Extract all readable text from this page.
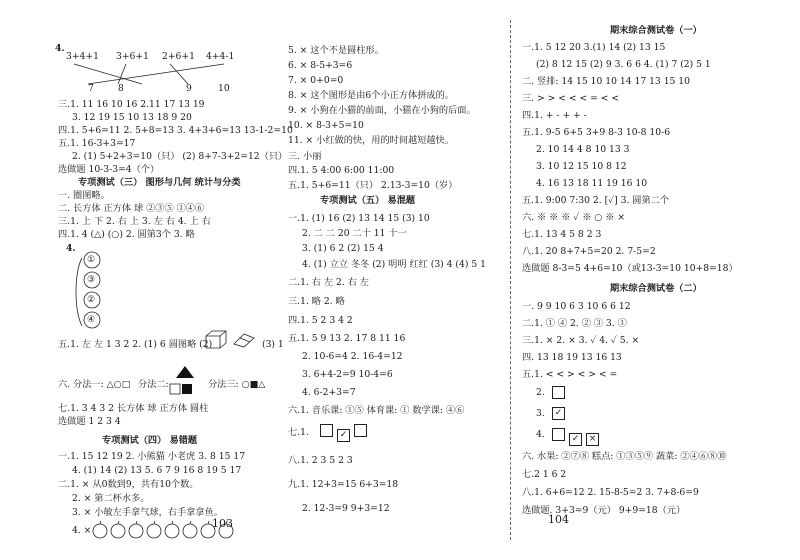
4.
3+4+1 3+6+1 2+6+1 4+4-1
7	8	9	10
三.1. 11 16 10 16 2.11 17 13 19
3. 12 19 15 10 13 18 9 20
四.1. 5+6=11 2. 5+8=13 3. 4+3+6=13 13-1-2=10
五.1. 16-3+3=17
2. (1) 5+2+3=10（只） (2) 8+7-3+2=12（只）
选做题 10-3-3=4（个）
专项测试（三） 图形与几何 统计与分类
一. 圈图略。
二. 长方体 正方体 球 ②③⑤ ①④⑥
三.1. 上 下 2. 右 上 3. 左 右 4. 上 右
四.1. 4 (△) (○) 2. 圆第3个 3. 略
4.
①
③
②
④
五.1. 左 左 1 3 2 2. (1) 6 圆图略 (2)	(3) 1
六. 分法一: △○□ 分法二:	分法三: ○■△
七.1. 3 4 3 2 长方体 球 正方体 圆柱
选做题 1 2 3 4
专项测试（四） 易错题
一.1. 15 12 19 2. 小熊猫 小老虎 3. 8 15 17
4. (1) 14 (2) 13 5. 6 7 9 16 8 19 5 17
二.1. × 从0数到9，共有10个数。
2. × 第二杯水多。
3. × 小敏左手拿气球，右手拿拿鱼。
4. ×
5. × 这个不是圆柱形。
6. × 8-5+3=6
7. × 0+0=0
8. × 这个图形是由6个小正方体拼成的。
9. × 小狗在小猫的前面，小猫在小狗的后面。
10. × 8-3+5=10
11. × 小红做的快，用的时间越短越快。
三. 小丽
四.1. 5 4:00 6:00 11:00
五.1. 5+6=11（只） 2.13-3=10（岁）
专项测试（五） 易混题
一.1. (1) 16 (2) 13 14 15 (3) 10
2. 二 二 20 二十 11 十一
3. (1) 6 2 (2) 15 4
4. (1) 立立 冬冬 (2) 明明 红红 (3) 4 (4) 5 1
二.1. 右 左 2. 右 左
三.1. 略 2. 略
四.1. 5 2 3 4 2
五.1. 5 9 13 2. 17 8 11 16
2. 10-6=4 2. 16-4=12
3. 6+4-2=9 10-4=6
4. 6-2+3=7
六.1. 音乐课: ①⑤ 体育课: ① 数学课: ④⑥
七.1.	✓
八.1. 2 3 5 2 3
九.1. 12+3=15 6+3=18
2. 12-3=9 9+3=12
103
期末综合测试卷（一）
一.1. 5 12 20 3.(1) 14 (2) 13 15
(2) 8 12 15 (2) 9 3. 6 6 4. (1) 7 (2) 5 1
二. 竖排: 14 15 10 10 14 17 13 15 10
三. > > < < < = < <
四.1. + - + + -
五.1. 9-5 6+5 3+9 8-3 10-8 10-6
2. 10 14 4 8 10 13 3
3. 10 12 15 10 8 12
4. 16 13 18 11 19 16 10
五.1. 9:00 7:30 2. [✓] 3. 圆第二个
六. ※ ※ ※ ✓ ※ ○ ※ ×
七.1. 13 4 5 8 2 3
八.1. 20 8+7+5=20 2. 7-5=2
选做题 8-3=5 4+6=10（或13-3=10 10+8=18）
期末综合测试卷（二）
一. 9 9 10 6 3 10 6 6 12
二.1. ① ④ 2. ② ③ 3. ①
三.1. × 2. × 3. ✓ 4. ✓ 5. ×
四. 13 18 19 13 16 13
五.1. < < > < > < =
2.
3.	✓
4.	✓ ×
六. 水果: ②⑦⑧ 糕点: ①③⑤⑨ 蔬菜: ②④⑥⑧⑩
七.2 1 6 2
八.1. 6+6=12 2. 15-8-5=2 3. 7+8-6=9
选做题. 3+3=9（元） 9+9=18（元）
104
